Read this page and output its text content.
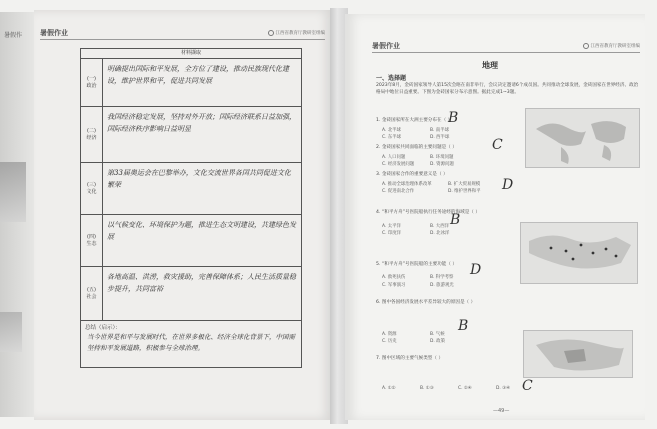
暑假作	暑假作业	江西省教育厅教研室组编
材料撷取
(一)
政治
明确提出国际和平发展，全方位了建设，推动民族现代化建设，维护世界和平，促进共同发展
(二)
经济
我国经济稳定发展，坚持对外开放；国际经济联系日益加强，国际经济秩序影响日益明显
(三)
文化
第33届奥运会在巴黎举办，文化交流世界各国共同促进文化繁荣
(四)
生态
以气候变化、环境保护为题，推进生态文明建设，共建绿色发展
(五)
社会
各地高温、洪涝，救灾援助，完善保障体系；人民生活质量稳步提升，共同富裕
总结（启示）：
当今世界是和平与发展时代，在世界多极化、经济全球化背景下，中国需坚持和平发展道路，积极参与全球治理。
暑假作业	江西省教育厅教研室组编
地理
一、选择题
2023年8月，金砖国家领导人第15次会晤在南非举行，会议决定邀请6个成员国。共同推动全球发展，金砖国家在世界经济、政治格局中地位日益重要。下图为金砖国家分布示意图。据此完成1~3题。
1. 金砖国家所在大洲主要分布在（ ）
A. 北半球	B. 南半球
C. 东半球	D. 西半球
B
2. 金砖国家共同面临的主要问题是（ ）
A. 人口问题	B. 环境问题
C. 经济发展问题	D. 资源问题
C
3. 金砖国家合作的重要意义是（ ）
A. 推动全球治理体系改革	B. 扩大贸易规模
C. 促进南北合作	D. 维护世界和平 D
4. “和平方舟”号医院船执行任务途经的海域是（ ）
A. 太平洋	B. 大西洋
C. 印度洋	D. 北冰洋
B
5. “和平方舟”号医院船的主要功能（ ）
A. 救死扶伤	B. 科学考察
C. 军事演习	D. 旅游观光
D
6. 图中各国经济发展水平差异较大的原因是（ ）
A. 资源	B. 气候
C. 历史	D. 政策
B
7. 图中区域的主要气候类型（ ）
A. ①②	B. ①③	C. ②④	D. ③④ C
—49—
